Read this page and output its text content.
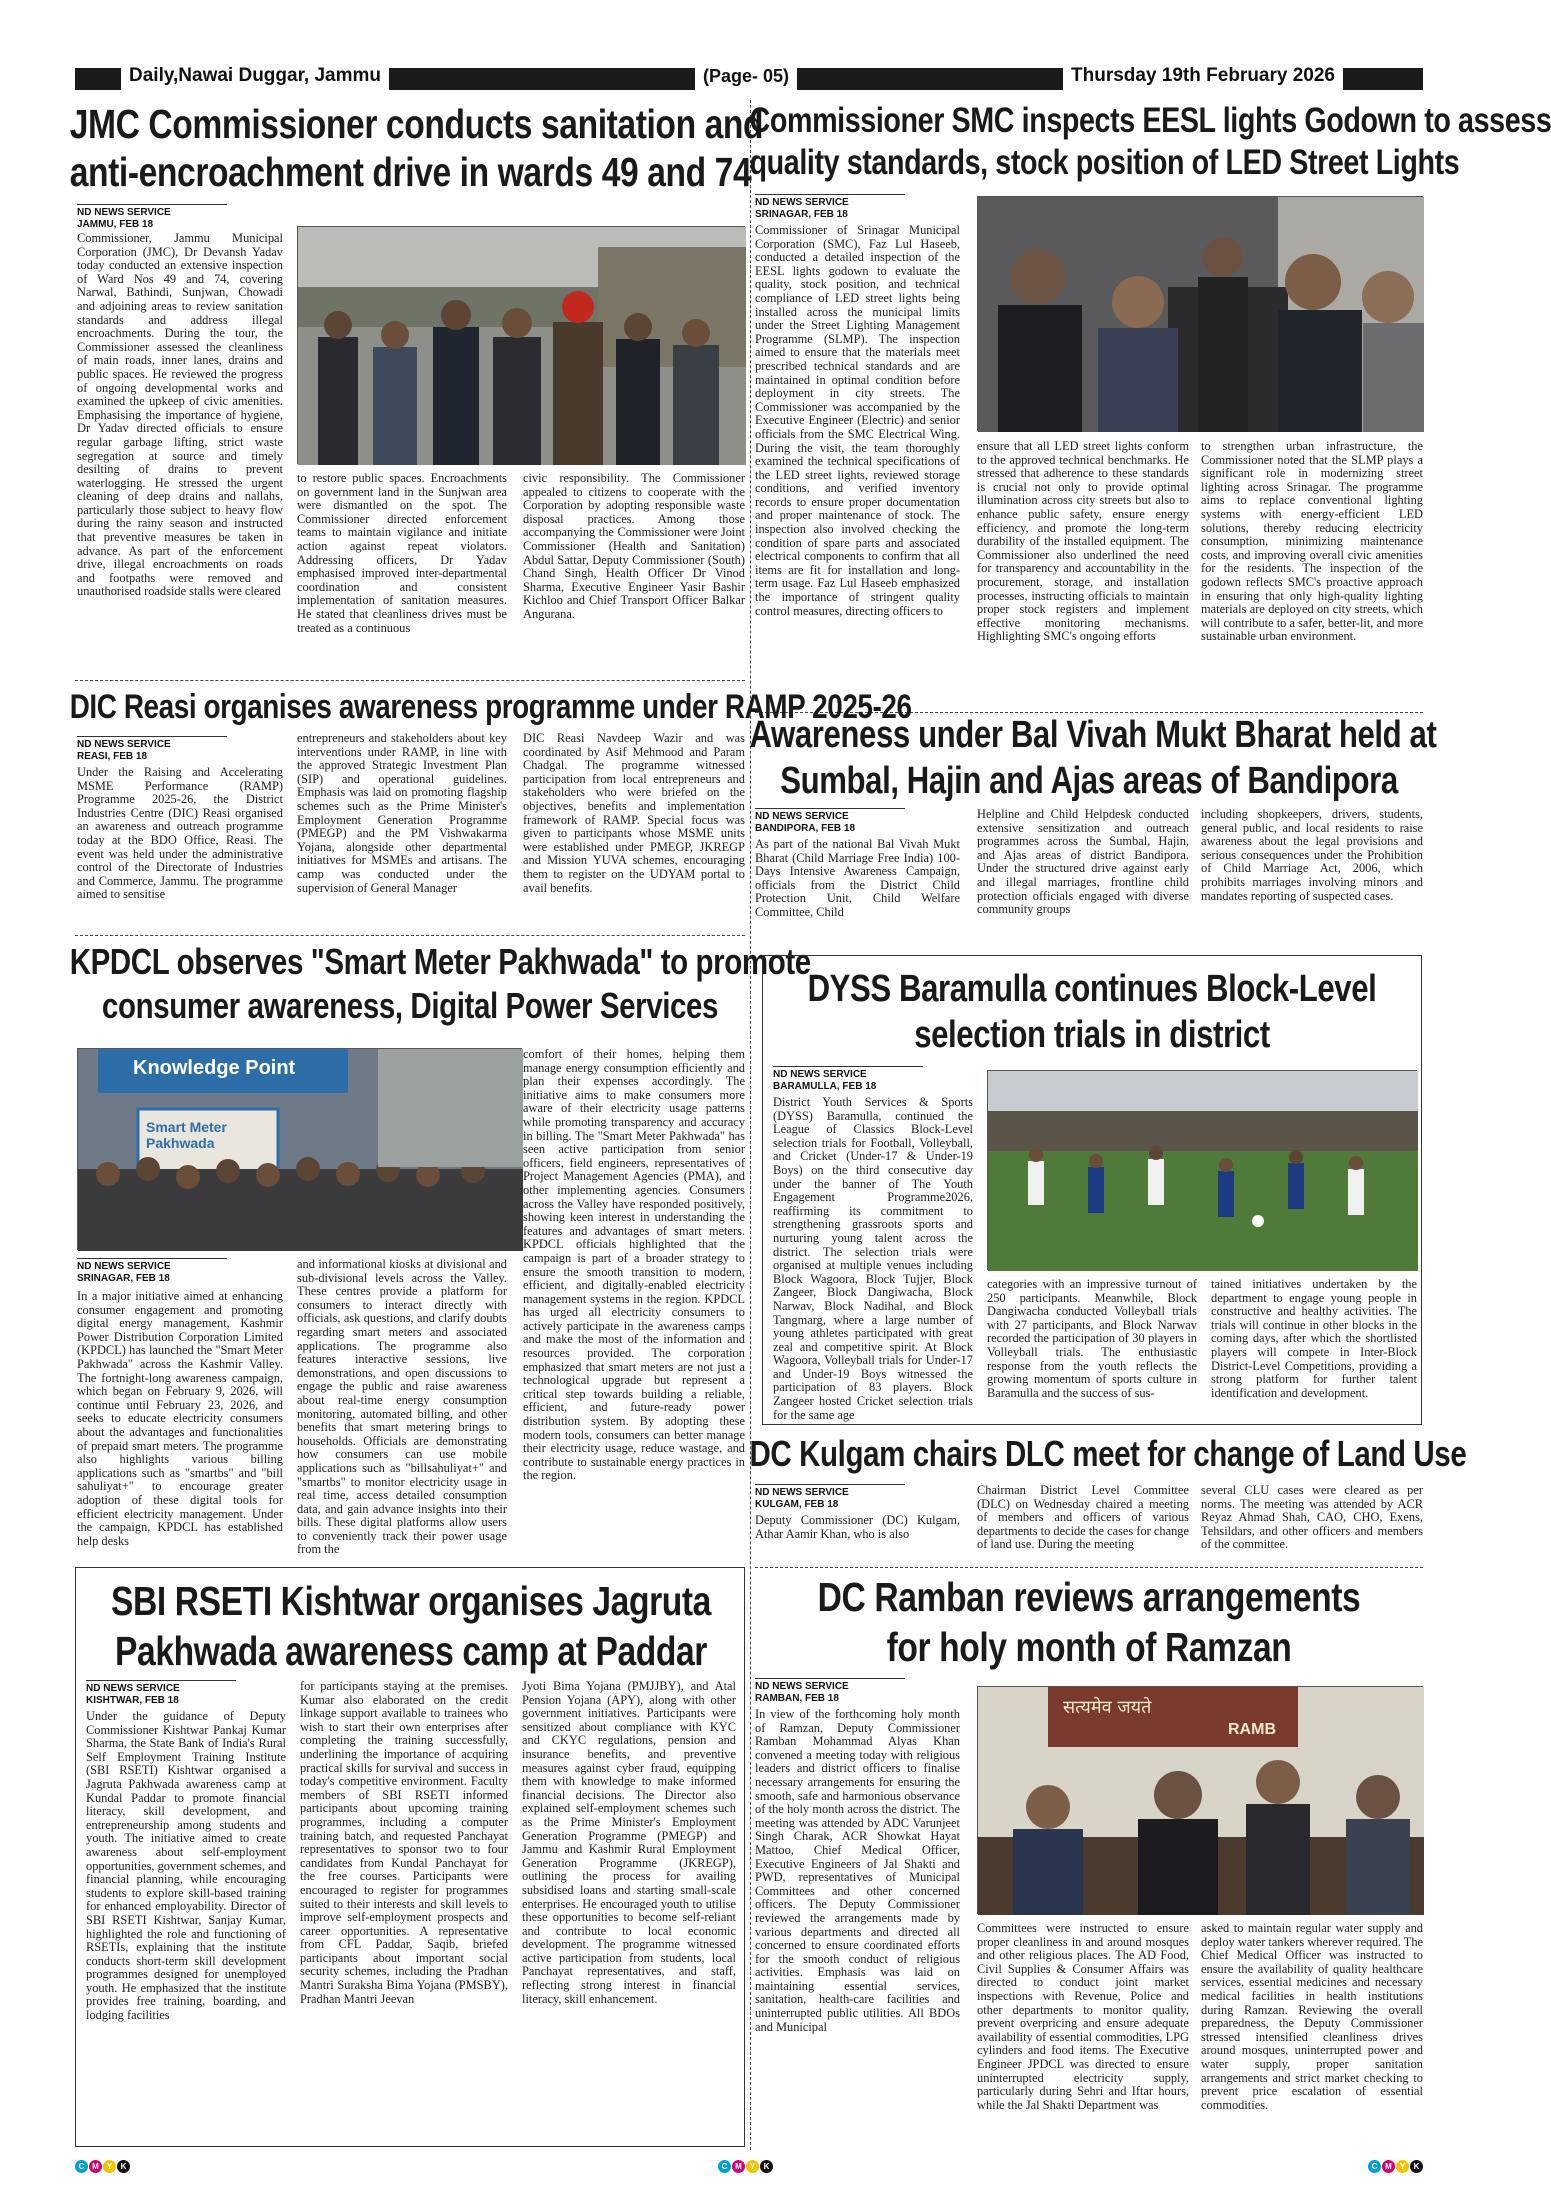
Daily,Nawai Duggar, Jammu	(Page- 05)	Thursday 19th February 2026
JMC Commissioner conducts sanitation and
anti-encroachment drive in wards 49 and 74
ND NEWS SERVICE
JAMMU, FEB 18
Commissioner, Jammu Municipal Corporation (JMC), Dr Devansh Yadav today conducted an extensive inspection of Ward Nos 49 and 74, covering Narwal, Bathindi, Sunjwan, Chowadi and adjoining areas to review sanitation standards and address illegal encroachments. During the tour, the Commissioner assessed the cleanliness of main roads, inner lanes, drains and public spaces. He reviewed the progress of ongoing developmental works and examined the upkeep of civic amenities. Emphasising the importance of hygiene, Dr Yadav directed officials to ensure regular garbage lifting, strict waste segregation at source and timely desilting of drains to prevent waterlogging. He stressed the urgent cleaning of deep drains and nallahs, particularly those subject to heavy flow during the rainy season and instructed that preventive measures be taken in advance. As part of the enforcement drive, illegal encroachments on roads and footpaths were removed and unauthorised roadside stalls were cleared
to restore public spaces. Encroachments on government land in the Sunjwan area were dismantled on the spot. The Commissioner directed enforcement teams to maintain vigilance and initiate action against repeat violators. Addressing officers, Dr Yadav emphasised improved inter-departmental coordination and consistent implementation of sanitation measures. He stated that cleanliness drives must be treated as a continuous
civic responsibility. The Commissioner appealed to citizens to cooperate with the Corporation by adopting responsible waste disposal practices. Among those accompanying the Commissioner were Joint Commissioner (Health and Sanitation) Abdul Sattar, Deputy Commissioner (South) Chand Singh, Health Officer Dr Vinod Sharma, Executive Engineer Yasir Bashir Kichloo and Chief Transport Officer Balkar Angurana.
Commissioner SMC inspects EESL lights Godown to assess
quality standards, stock position of LED Street Lights
ND NEWS SERVICE
SRINAGAR, FEB 18
Commissioner of Srinagar Municipal Corporation (SMC), Faz Lul Haseeb, conducted a detailed inspection of the EESL lights godown to evaluate the quality, stock position, and technical compliance of LED street lights being installed across the municipal limits under the Street Lighting Management Programme (SLMP). The inspection aimed to ensure that the materials meet prescribed technical standards and are maintained in optimal condition before deployment in city streets. The Commissioner was accompanied by the Executive Engineer (Electric) and senior officials from the SMC Electrical Wing. During the visit, the team thoroughly examined the technical specifications of the LED street lights, reviewed storage conditions, and verified inventory records to ensure proper documentation and proper maintenance of stock. The inspection also involved checking the condition of spare parts and associated electrical components to confirm that all items are fit for installation and long-term usage. Faz Lul Haseeb emphasized the importance of stringent quality control measures, directing officers to
ensure that all LED street lights conform to the approved technical benchmarks. He stressed that adherence to these standards is crucial not only to provide optimal illumination across city streets but also to enhance public safety, ensure energy efficiency, and promote the long-term durability of the installed equipment. The Commissioner also underlined the need for transparency and accountability in the procurement, storage, and installation processes, instructing officials to maintain proper stock registers and implement effective monitoring mechanisms. Highlighting SMC's ongoing efforts
to strengthen urban infrastructure, the Commissioner noted that the SLMP plays a significant role in modernizing street lighting across Srinagar. The programme aims to replace conventional lighting systems with energy-efficient LED solutions, thereby reducing electricity consumption, minimizing maintenance costs, and improving overall civic amenities for the residents. The inspection of the godown reflects SMC's proactive approach in ensuring that only high-quality lighting materials are deployed on city streets, which will contribute to a safer, better-lit, and more sustainable urban environment.
DIC Reasi organises awareness programme under RAMP 2025-26
ND NEWS SERVICE
REASI, FEB 18
Under the Raising and Accelerating MSME Performance (RAMP) Programme 2025-26, the District Industries Centre (DIC) Reasi organised an awareness and outreach programme today at the BDO Office, Reasi. The event was held under the administrative control of the Directorate of Industries and Commerce, Jammu. The programme aimed to sensitise
entrepreneurs and stakeholders about key interventions under RAMP, in line with the approved Strategic Investment Plan (SIP) and operational guidelines. Emphasis was laid on promoting flagship schemes such as the Prime Minister's Employment Generation Programme (PMEGP) and the PM Vishwakarma Yojana, alongside other departmental initiatives for MSMEs and artisans. The camp was conducted under the supervision of General Manager
DIC Reasi Navdeep Wazir and was coordinated by Asif Mehmood and Param Chadgal. The programme witnessed participation from local entrepreneurs and stakeholders who were briefed on the objectives, benefits and implementation framework of RAMP. Special focus was given to participants whose MSME units were established under PMEGP, JKREGP and Mission YUVA schemes, encouraging them to register on the UDYAM portal to avail benefits.
Awareness under Bal Vivah Mukt Bharat held at
Sumbal, Hajin and Ajas areas of Bandipora
ND NEWS SERVICE
BANDIPORA, FEB 18
As part of the national Bal Vivah Mukt Bharat (Child Marriage Free India) 100-Days Intensive Awareness Campaign, officials from the District Child Protection Unit, Child Welfare Committee, Child
Helpline and Child Helpdesk conducted extensive sensitization and outreach programmes across the Sumbal, Hajin, and Ajas areas of district Bandipora. Under the structured drive against early and illegal marriages, frontline child protection officials engaged with diverse community groups
including shopkeepers, drivers, students, general public, and local residents to raise awareness about the legal provisions and serious consequences under the Prohibition of Child Marriage Act, 2006, which prohibits marriages involving minors and mandates reporting of suspected cases.
KPDCL observes "Smart Meter Pakhwada" to promote
consumer awareness, Digital Power Services
Knowledge Point
Smart Meter Pakhwada
ND NEWS SERVICE
SRINAGAR, FEB 18
In a major initiative aimed at enhancing consumer engagement and promoting digital energy management, Kashmir Power Distribution Corporation Limited (KPDCL) has launched the "Smart Meter Pakhwada" across the Kashmir Valley. The fortnight-long awareness campaign, which began on February 9, 2026, will continue until February 23, 2026, and seeks to educate electricity consumers about the advantages and functionalities of prepaid smart meters. The programme also highlights various billing applications such as "smartbs" and "bill sahuliyat+" to encourage greater adoption of these digital tools for efficient electricity management. Under the campaign, KPDCL has established help desks
and informational kiosks at divisional and sub-divisional levels across the Valley. These centres provide a platform for consumers to interact directly with officials, ask questions, and clarify doubts regarding smart meters and associated applications. The programme also features interactive sessions, live demonstrations, and open discussions to engage the public and raise awareness about real-time energy consumption monitoring, automated billing, and other benefits that smart metering brings to households. Officials are demonstrating how consumers can use mobile applications such as "billsahuliyat+" and "smartbs" to monitor electricity usage in real time, access detailed consumption data, and gain advance insights into their bills. These digital platforms allow users to conveniently track their power usage from the
comfort of their homes, helping them manage energy consumption efficiently and plan their expenses accordingly. The initiative aims to make consumers more aware of their electricity usage patterns while promoting transparency and accuracy in billing. The "Smart Meter Pakhwada" has seen active participation from senior officers, field engineers, representatives of Project Management Agencies (PMA), and other implementing agencies. Consumers across the Valley have responded positively, showing keen interest in understanding the features and advantages of smart meters. KPDCL officials highlighted that the campaign is part of a broader strategy to ensure the smooth transition to modern, efficient, and digitally-enabled electricity management systems in the region. KPDCL has urged all electricity consumers to actively participate in the awareness camps and make the most of the information and resources provided. The corporation emphasized that smart meters are not just a technological upgrade but represent a critical step towards building a reliable, efficient, and future-ready power distribution system. By adopting these modern tools, consumers can better manage their electricity usage, reduce wastage, and contribute to sustainable energy practices in the region.
DYSS Baramulla continues Block-Level
selection trials in district
ND NEWS SERVICE
BARAMULLA, FEB 18
District Youth Services & Sports (DYSS) Baramulla, continued the League of Classics Block-Level selection trials for Football, Volleyball, and Cricket (Under-17 & Under-19 Boys) on the third consecutive day under the banner of The Youth Engagement Programme2026, reaffirming its commitment to strengthening grassroots sports and nurturing young talent across the district. The selection trials were organised at multiple venues including Block Wagoora, Block Tujjer, Block Zangeer, Block Dangiwacha, Block Narwav, Block Nadihal, and Block Tangmarg, where a large number of young athletes participated with great zeal and competitive spirit. At Block Wagoora, Volleyball trials for Under-17 and Under-19 Boys witnessed the participation of 83 players. Block Zangeer hosted Cricket selection trials for the same age
categories with an impressive turnout of 250 participants. Meanwhile, Block Dangiwacha conducted Volleyball trials with 27 participants, and Block Narwav recorded the participation of 30 players in Volleyball trials. The enthusiastic response from the youth reflects the growing momentum of sports culture in Baramulla and the success of sus-
tained initiatives undertaken by the department to engage young people in constructive and healthy activities. The trials will continue in other blocks in the coming days, after which the shortlisted players will compete in Inter-Block District-Level Competitions, providing a strong platform for further talent identification and development.
DC Kulgam chairs DLC meet for change of Land Use
ND NEWS SERVICE
KULGAM, FEB 18
Deputy Commissioner (DC) Kulgam, Athar Aamir Khan, who is also
Chairman District Level Committee (DLC) on Wednesday chaired a meeting of members and officers of various departments to decide the cases for change of land use. During the meeting
several CLU cases were cleared as per norms. The meeting was attended by ACR Reyaz Ahmad Shah, CAO, CHO, Exens, Tehsildars, and other officers and members of the committee.
SBI RSETI Kishtwar organises Jagruta
Pakhwada awareness camp at Paddar
ND NEWS SERVICE
KISHTWAR, FEB 18
Under the guidance of Deputy Commissioner Kishtwar Pankaj Kumar Sharma, the State Bank of India's Rural Self Employment Training Institute (SBI RSETI) Kishtwar organised a Jagruta Pakhwada awareness camp at Kundal Paddar to promote financial literacy, skill development, and entrepreneurship among students and youth. The initiative aimed to create awareness about self-employment opportunities, government schemes, and financial planning, while encouraging students to explore skill-based training for enhanced employability. Director of SBI RSETI Kishtwar, Sanjay Kumar, highlighted the role and functioning of RSETIs, explaining that the institute conducts short-term skill development programmes designed for unemployed youth. He emphasized that the institute provides free training, boarding, and lodging facilities
for participants staying at the premises. Kumar also elaborated on the credit linkage support available to trainees who wish to start their own enterprises after completing the training successfully, underlining the importance of acquiring practical skills for survival and success in today's competitive environment. Faculty members of SBI RSETI informed participants about upcoming training programmes, including a computer training batch, and requested Panchayat representatives to sponsor two to four candidates from Kundal Panchayat for the free courses. Participants were encouraged to register for programmes suited to their interests and skill levels to improve self-employment prospects and career opportunities. A representative from CFL Paddar, Saqib, briefed participants about important social security schemes, including the Pradhan Mantri Suraksha Bima Yojana (PMSBY), Pradhan Mantri Jeevan
Jyoti Bima Yojana (PMJJBY), and Atal Pension Yojana (APY), along with other government initiatives. Participants were sensitized about compliance with KYC and CKYC regulations, pension and insurance benefits, and preventive measures against cyber fraud, equipping them with knowledge to make informed financial decisions. The Director also explained self-employment schemes such as the Prime Minister's Employment Generation Programme (PMEGP) and Jammu and Kashmir Rural Employment Generation Programme (JKREGP), outlining the process for availing subsidised loans and starting small-scale enterprises. He encouraged youth to utilise these opportunities to become self-reliant and contribute to local economic development. The programme witnessed active participation from students, local Panchayat representatives, and staff, reflecting strong interest in financial literacy, skill enhancement.
DC Ramban reviews arrangements
for holy month of Ramzan
ND NEWS SERVICE
RAMBAN, FEB 18
In view of the forthcoming holy month of Ramzan, Deputy Commissioner Ramban Mohammad Alyas Khan convened a meeting today with religious leaders and district officers to finalise necessary arrangements for ensuring the smooth, safe and harmonious observance of the holy month across the district. The meeting was attended by ADC Varunjeet Singh Charak, ACR Showkat Hayat Mattoo, Chief Medical Officer, Executive Engineers of Jal Shakti and PWD, representatives of Municipal Committees and other concerned officers. The Deputy Commissioner reviewed the arrangements made by various departments and directed all concerned to ensure coordinated efforts for the smooth conduct of religious activities. Emphasis was laid on maintaining essential services, sanitation, health-care facilities and uninterrupted public utilities. All BDOs and Municipal
सत्यमेव जयते
RAMB
Committees were instructed to ensure proper cleanliness in and around mosques and other religious places. The AD Food, Civil Supplies & Consumer Affairs was directed to conduct joint market inspections with Revenue, Police and other departments to monitor quality, prevent overpricing and ensure adequate availability of essential commodities, LPG cylinders and food items. The Executive Engineer JPDCL was directed to ensure uninterrupted electricity supply, particularly during Sehri and Iftar hours, while the Jal Shakti Department was
asked to maintain regular water supply and deploy water tankers wherever required. The Chief Medical Officer was instructed to ensure the availability of quality healthcare services, essential medicines and necessary medical facilities in health institutions during Ramzan. Reviewing the overall preparedness, the Deputy Commissioner stressed intensified cleanliness drives around mosques, uninterrupted power and water supply, proper sanitation arrangements and strict market checking to prevent price escalation of essential commodities.
C M	Y	K	C M	Y	K	C M	Y	K
